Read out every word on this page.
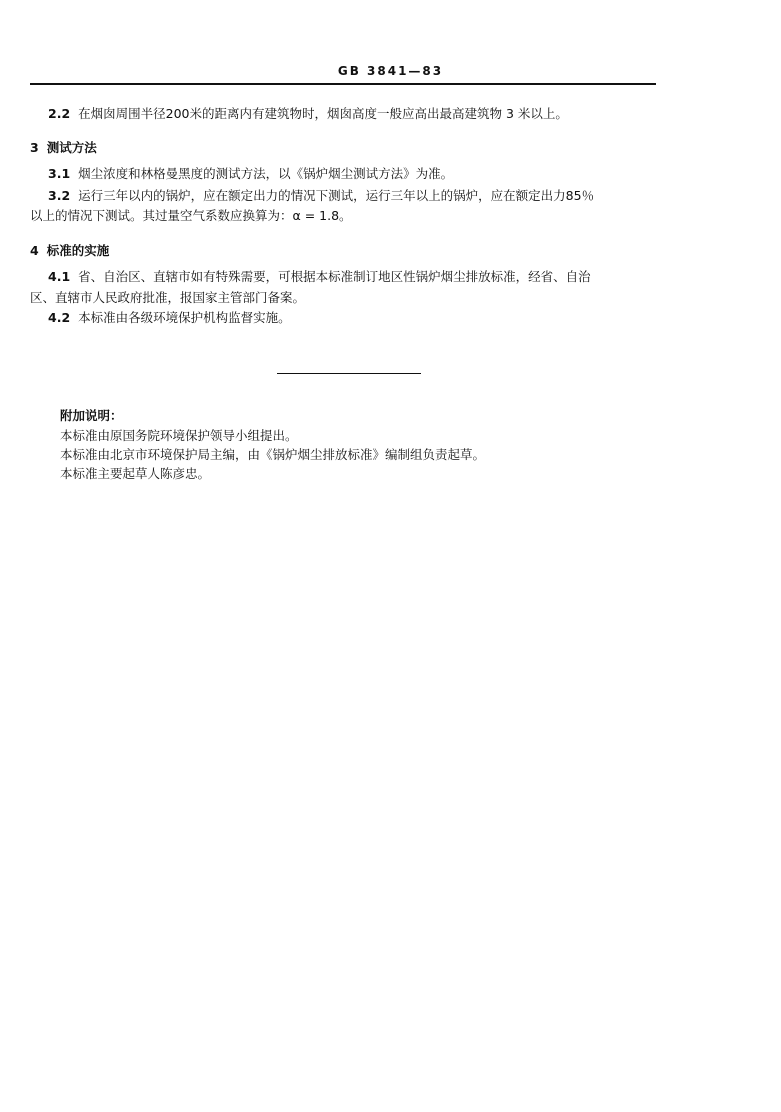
GB 3841—83
2.2 在烟囱周围半径200米的距离内有建筑物时，烟囱高度一般应高出最高建筑物 3 米以上。
3 测试方法
3.1 烟尘浓度和林格曼黑度的测试方法，以《锅炉烟尘测试方法》为准。
3.2 运行三年以内的锅炉，应在额定出力的情况下测试，运行三年以上的锅炉，应在额定出力85％
以上的情况下测试。其过量空气系数应换算为：α = 1.8。
4 标准的实施
4.1 省、自治区、直辖市如有特殊需要，可根据本标准制订地区性锅炉烟尘排放标准，经省、自治
区、直辖市人民政府批准，报国家主管部门备案。
4.2 本标准由各级环境保护机构监督实施。
附加说明：
本标准由原国务院环境保护领导小组提出。
本标准由北京市环境保护局主编，由《锅炉烟尘排放标准》编制组负责起草。
本标准主要起草人陈彦忠。
